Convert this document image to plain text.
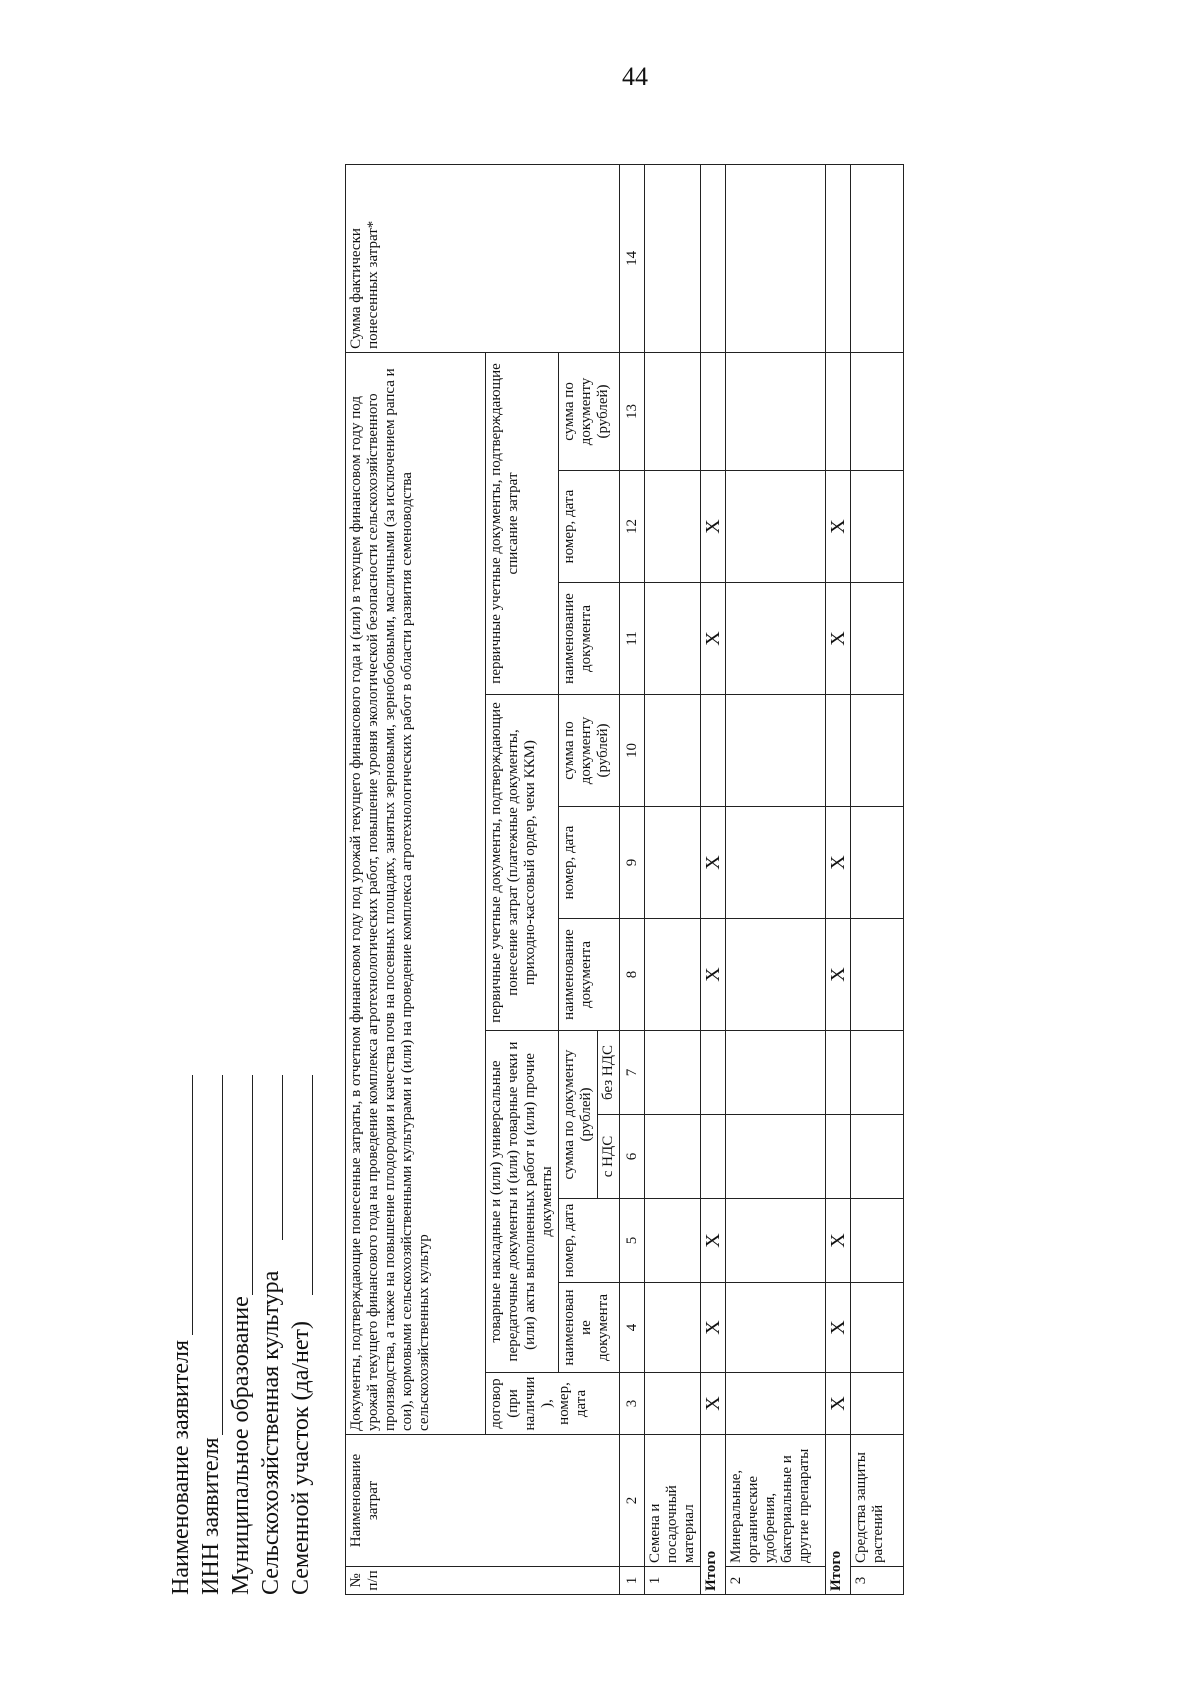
44
Наименование заявителя ИНН заявителя Муниципальное образование Сельскохозяйственная культура Семенной участок (да/нет) № п/п	Наименование затрат	Документы, подтверждающие понесенные затраты, в отчетном финансовом году под урожай текущего финансового года и (или) в текущем финансовом году под урожай текущего финансового года на проведение комплекса агротехнологических работ, повышение уровня экологической безопасности сельскохозяйственного производства, а также на повышение плодородия и качества почв на посевных площадях, занятых зерновыми, зернобобовыми, масличными (за исключением рапса и сои), кормовыми сельскохозяйственными культурами и (или) на проведение комплекса агротехнологических работ в области развития семеноводства сельскохозяйственных культур											Сумма фактически понесенных затрат*
		договор (при наличии), номер, дата	товарные накладные и (или) универсальные передаточные документы и (или) товарные чеки и (или) акты выполненных работ и (или) прочие документы				первичные учетные документы, подтверждающие понесение затрат (платежные документы, приходно-кассовый ордер, чеки ККМ)			первичные учетные документы, подтверждающие списание затрат			
			наименование документа	номер, дата	сумма по документу (рублей)		наименование документа	номер, дата	сумма по документу (рублей)	наименование документа	номер, дата	сумма по документу (рублей)	
					с НДС	без НДС							
1	2	3	4	5	6	7	8	9	10	11	12	13	14
1	Семена и посадочный материал												
Итого		Х	Х	Х			Х	Х		Х	Х		
2	Минеральные, органические удобрения, бактериальные и другие препараты												
Итого		Х	Х	Х			Х	Х		Х	Х		
3	Средства защиты растений												
